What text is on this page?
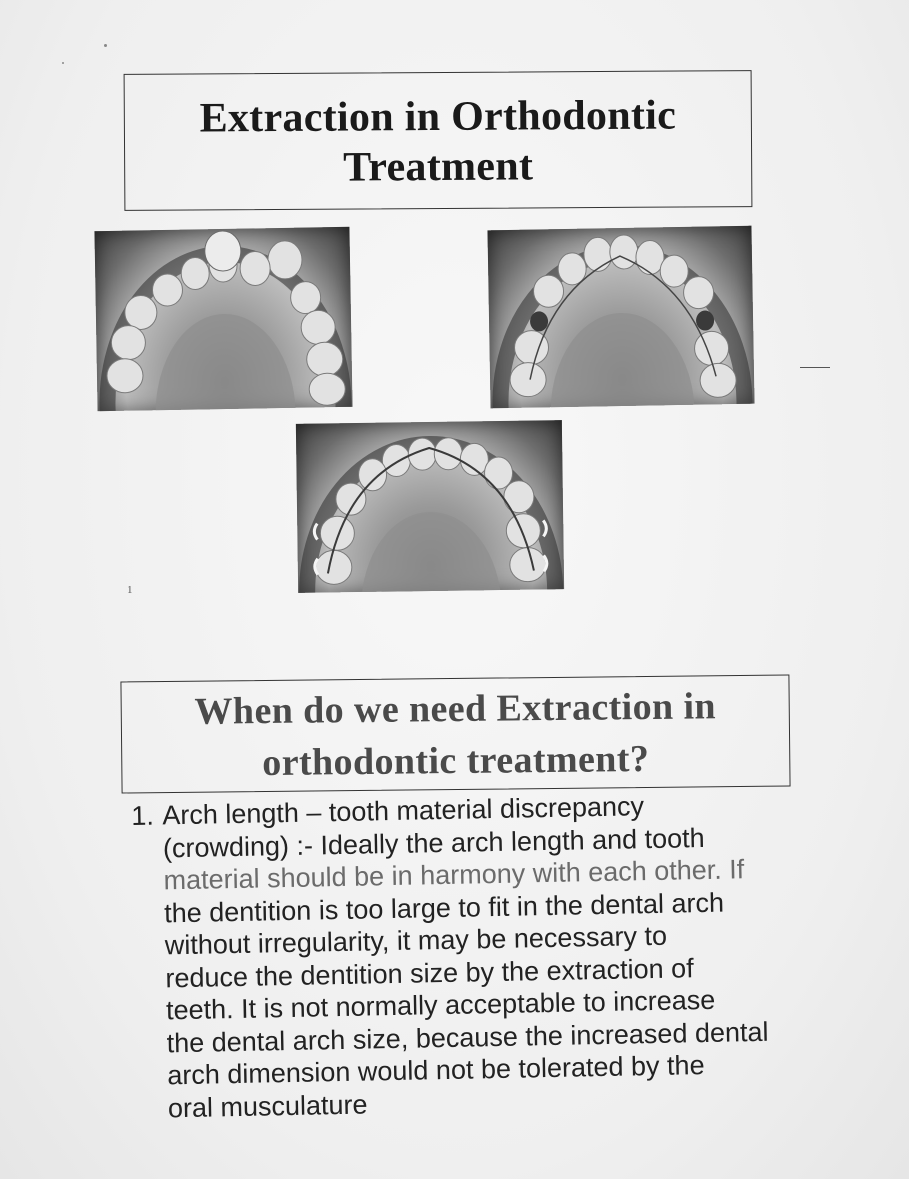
Extraction in Orthodontic
Treatment
1
When do we need Extraction in
orthodontic treatment?
1. Arch length – tooth material discrepancy
(crowding) :- Ideally the arch length and tooth
material should be in harmony with each other. If
the dentition is too large to fit in the dental arch
without irregularity, it may be necessary to
reduce the dentition size by the extraction of
teeth. It is not normally acceptable to increase
the dental arch size, because the increased dental
arch dimension would not be tolerated by the
oral musculature
